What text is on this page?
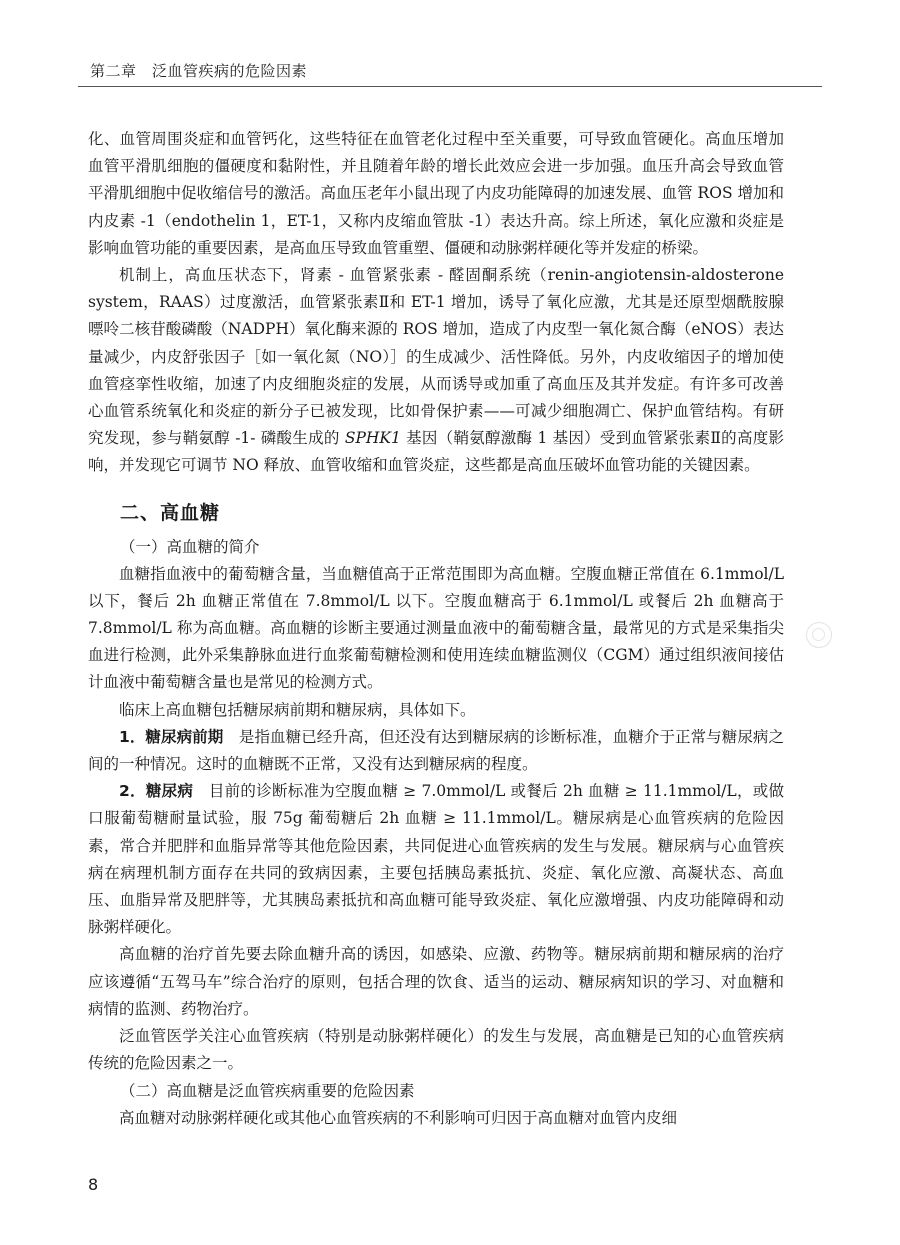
第二章　泛血管疾病的危险因素

化、血管周围炎症和血管钙化，这些特征在血管老化过程中至关重要，可导致血管硬化。高血压增加血管平滑肌细胞的僵硬度和黏附性，并且随着年龄的增长此效应会进一步加强。血压升高会导致血管平滑肌细胞中促收缩信号的激活。高血压老年小鼠出现了内皮功能障碍的加速发展、血管 ROS 增加和内皮素 -1（endothelin 1，ET-1，又称内皮缩血管肽 -1）表达升高。综上所述，氧化应激和炎症是影响血管功能的重要因素，是高血压导致血管重塑、僵硬和动脉粥样硬化等并发症的桥梁。

机制上，高血压状态下，肾素 - 血管紧张素 - 醛固酮系统（renin-angiotensin-aldosterone system，RAAS）过度激活，血管紧张素Ⅱ和 ET-1 增加，诱导了氧化应激，尤其是还原型烟酰胺腺嘌呤二核苷酸磷酸（NADPH）氧化酶来源的 ROS 增加，造成了内皮型一氧化氮合酶（eNOS）表达量减少，内皮舒张因子［如一氧化氮（NO）］的生成减少、活性降低。另外，内皮收缩因子的增加使血管痉挛性收缩，加速了内皮细胞炎症的发展，从而诱导或加重了高血压及其并发症。有许多可改善心血管系统氧化和炎症的新分子已被发现，比如骨保护素——可减少细胞凋亡、保护血管结构。有研究发现，参与鞘氨醇 -1- 磷酸生成的 SPHK1 基因（鞘氨醇激酶 1 基因）受到血管紧张素Ⅱ的高度影响，并发现它可调节 NO 释放、血管收缩和血管炎症，这些都是高血压破坏血管功能的关键因素。

二、高血糖
（一）高血糖的简介

血糖指血液中的葡萄糖含量，当血糖值高于正常范围即为高血糖。空腹血糖正常值在 6.1mmol/L 以下，餐后 2h 血糖正常值在 7.8mmol/L 以下。空腹血糖高于 6.1mmol/L 或餐后 2h 血糖高于 7.8mmol/L 称为高血糖。高血糖的诊断主要通过测量血液中的葡萄糖含量，最常见的方式是采集指尖血进行检测，此外采集静脉血进行血浆葡萄糖检测和使用连续血糖监测仪（CGM）通过组织液间接估计血液中葡萄糖含量也是常见的检测方式。

临床上高血糖包括糖尿病前期和糖尿病，具体如下。

1．糖尿病前期　是指血糖已经升高，但还没有达到糖尿病的诊断标准，血糖介于正常与糖尿病之间的一种情况。这时的血糖既不正常，又没有达到糖尿病的程度。

2．糖尿病　目前的诊断标准为空腹血糖 ≥ 7.0mmol/L 或餐后 2h 血糖 ≥ 11.1mmol/L，或做口服葡萄糖耐量试验，服 75g 葡萄糖后 2h 血糖 ≥ 11.1mmol/L。糖尿病是心血管疾病的危险因素，常合并肥胖和血脂异常等其他危险因素，共同促进心血管疾病的发生与发展。糖尿病与心血管疾病在病理机制方面存在共同的致病因素，主要包括胰岛素抵抗、炎症、氧化应激、高凝状态、高血压、血脂异常及肥胖等，尤其胰岛素抵抗和高血糖可能导致炎症、氧化应激增强、内皮功能障碍和动脉粥样硬化。

高血糖的治疗首先要去除血糖升高的诱因，如感染、应激、药物等。糖尿病前期和糖尿病的治疗应该遵循“五驾马车”综合治疗的原则，包括合理的饮食、适当的运动、糖尿病知识的学习、对血糖和病情的监测、药物治疗。

泛血管医学关注心血管疾病（特别是动脉粥样硬化）的发生与发展，高血糖是已知的心血管疾病传统的危险因素之一。

（二）高血糖是泛血管疾病重要的危险因素

高血糖对动脉粥样硬化或其他心血管疾病的不利影响可归因于高血糖对血管内皮细

8
